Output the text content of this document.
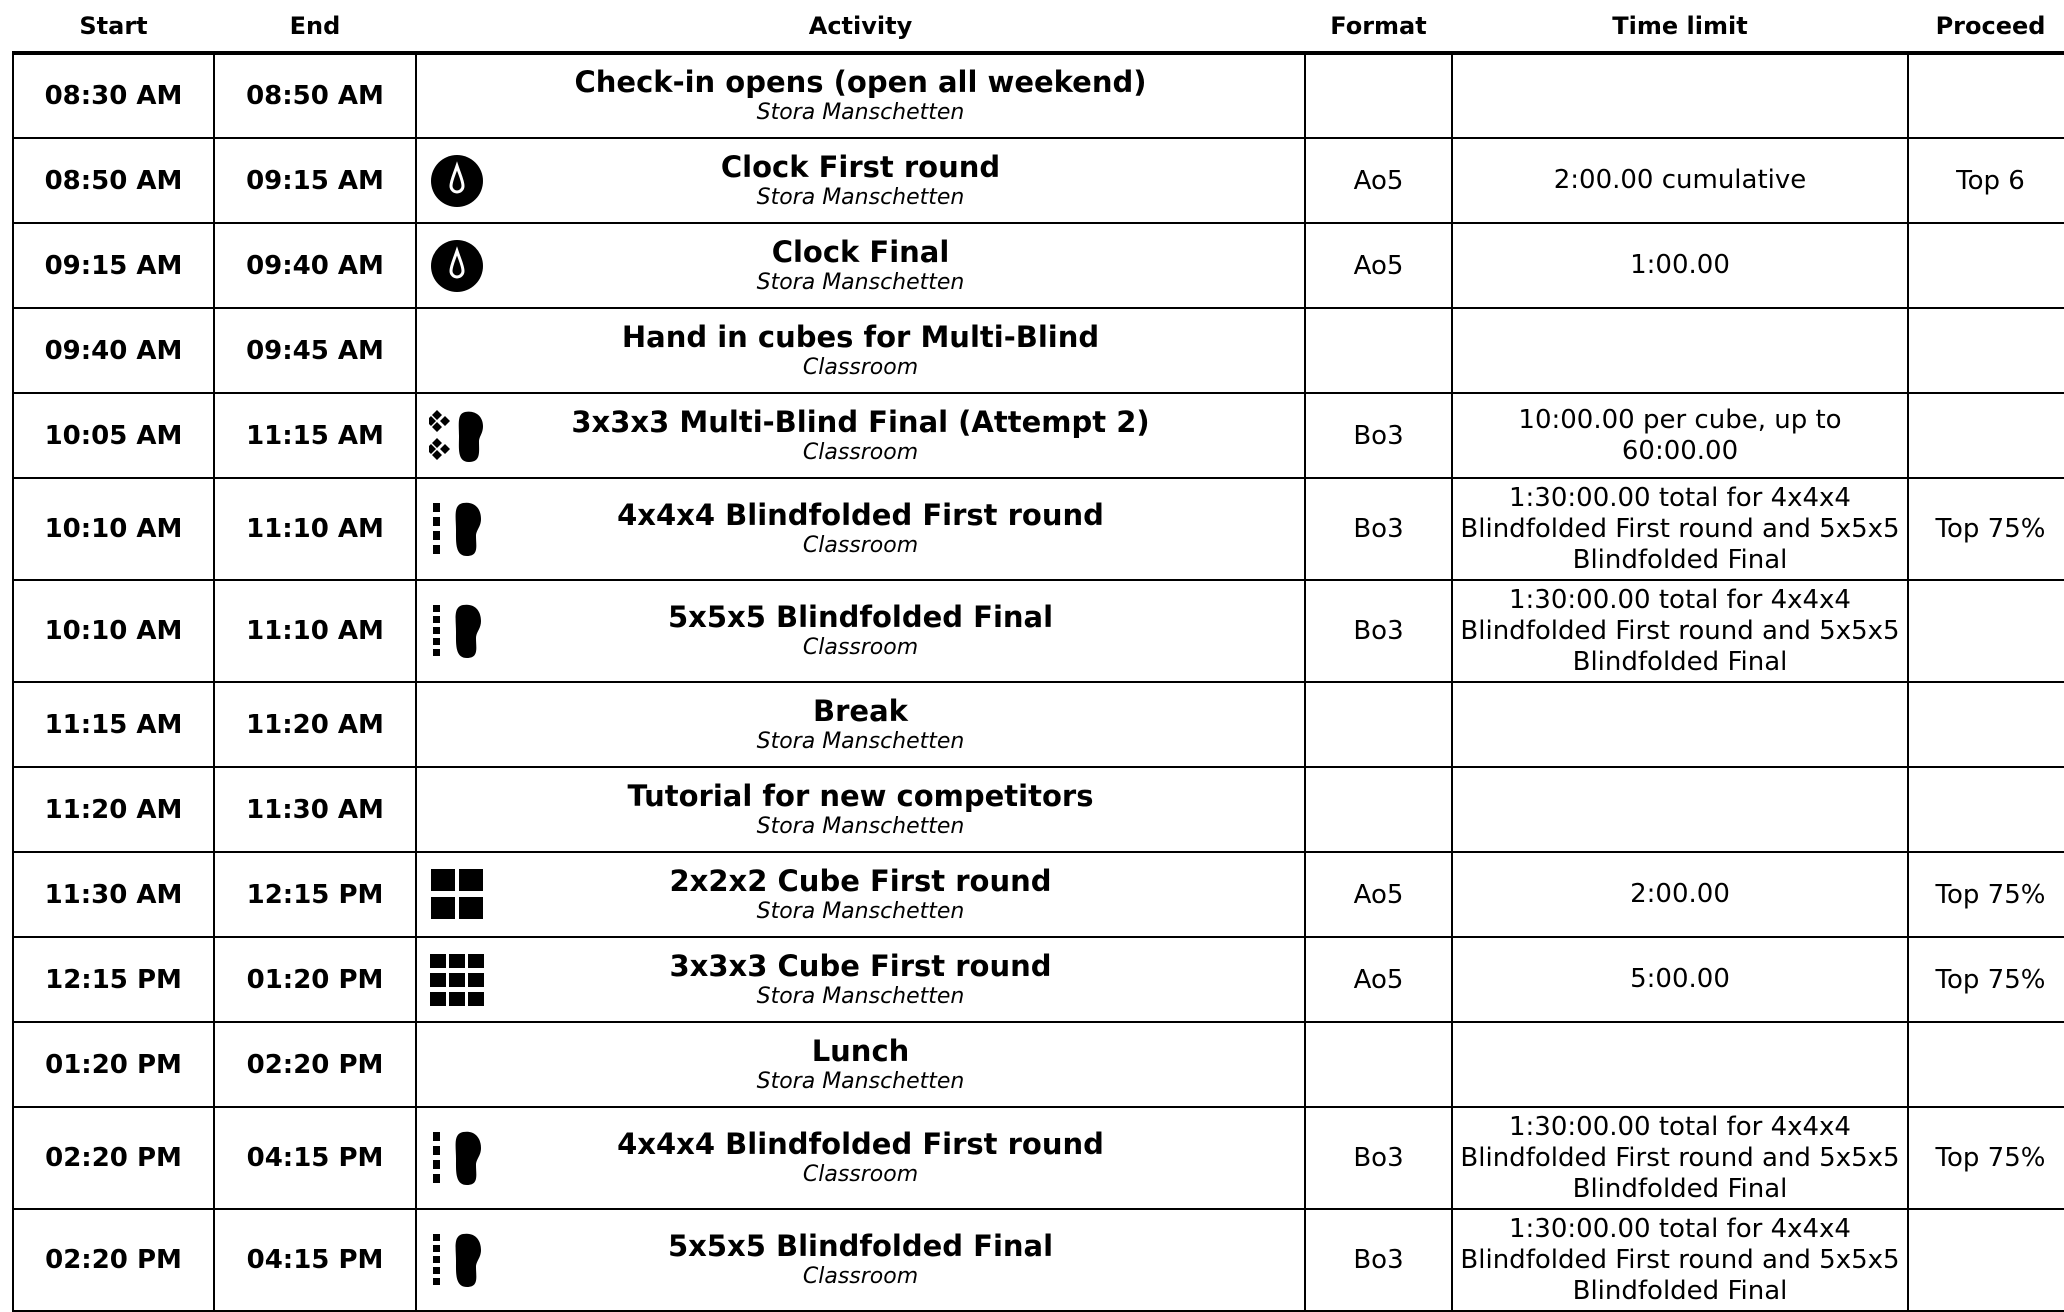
Start	End	Activity	Format	Time limit	Proceed
08:30 AM	08:50 AM	Check-in opens (open all weekend)
Stora Manschetten			

08:50 AM	09:15 AM	Clock First round
Stora Manschetten	Ao5	2:00.00 cumulative	Top 6
09:15 AM	09:40 AM	Clock Final
Stora Manschetten	Ao5	1:00.00	
09:40 AM	09:45 AM	Hand in cubes for Multi-Blind
Classroom			

10:05 AM	11:15 AM	3x3x3 Multi-Blind Final (Attempt 2)
Classroom	Bo3	10:00.00 per cube, up to 60:00.00	
10:10 AM	11:10 AM	4x4x4 Blindfolded First round
Classroom	Bo3	1:30:00.00 total for 4x4x4 Blindfolded First round and 5x5x5 Blindfolded Final	Top 75%
10:10 AM	11:10 AM	5x5x5 Blindfolded Final
Classroom	Bo3	1:30:00.00 total for 4x4x4 Blindfolded First round and 5x5x5 Blindfolded Final	
11:15 AM	11:20 AM	Break
Stora Manschetten			

11:20 AM	11:30 AM	Tutorial for new competitors
Stora Manschetten			

11:30 AM	12:15 PM	2x2x2 Cube First round
Stora Manschetten	Ao5	2:00.00	Top 75%
12:15 PM	01:20 PM	3x3x3 Cube First round
Stora Manschetten	Ao5	5:00.00	Top 75%
01:20 PM	02:20 PM	Lunch
Stora Manschetten			

02:20 PM	04:15 PM	4x4x4 Blindfolded First round
Classroom	Bo3	1:30:00.00 total for 4x4x4 Blindfolded First round and 5x5x5 Blindfolded Final	Top 75%
02:20 PM	04:15 PM	5x5x5 Blindfolded Final
Classroom	Bo3	1:30:00.00 total for 4x4x4 Blindfolded First round and 5x5x5 Blindfolded Final	
